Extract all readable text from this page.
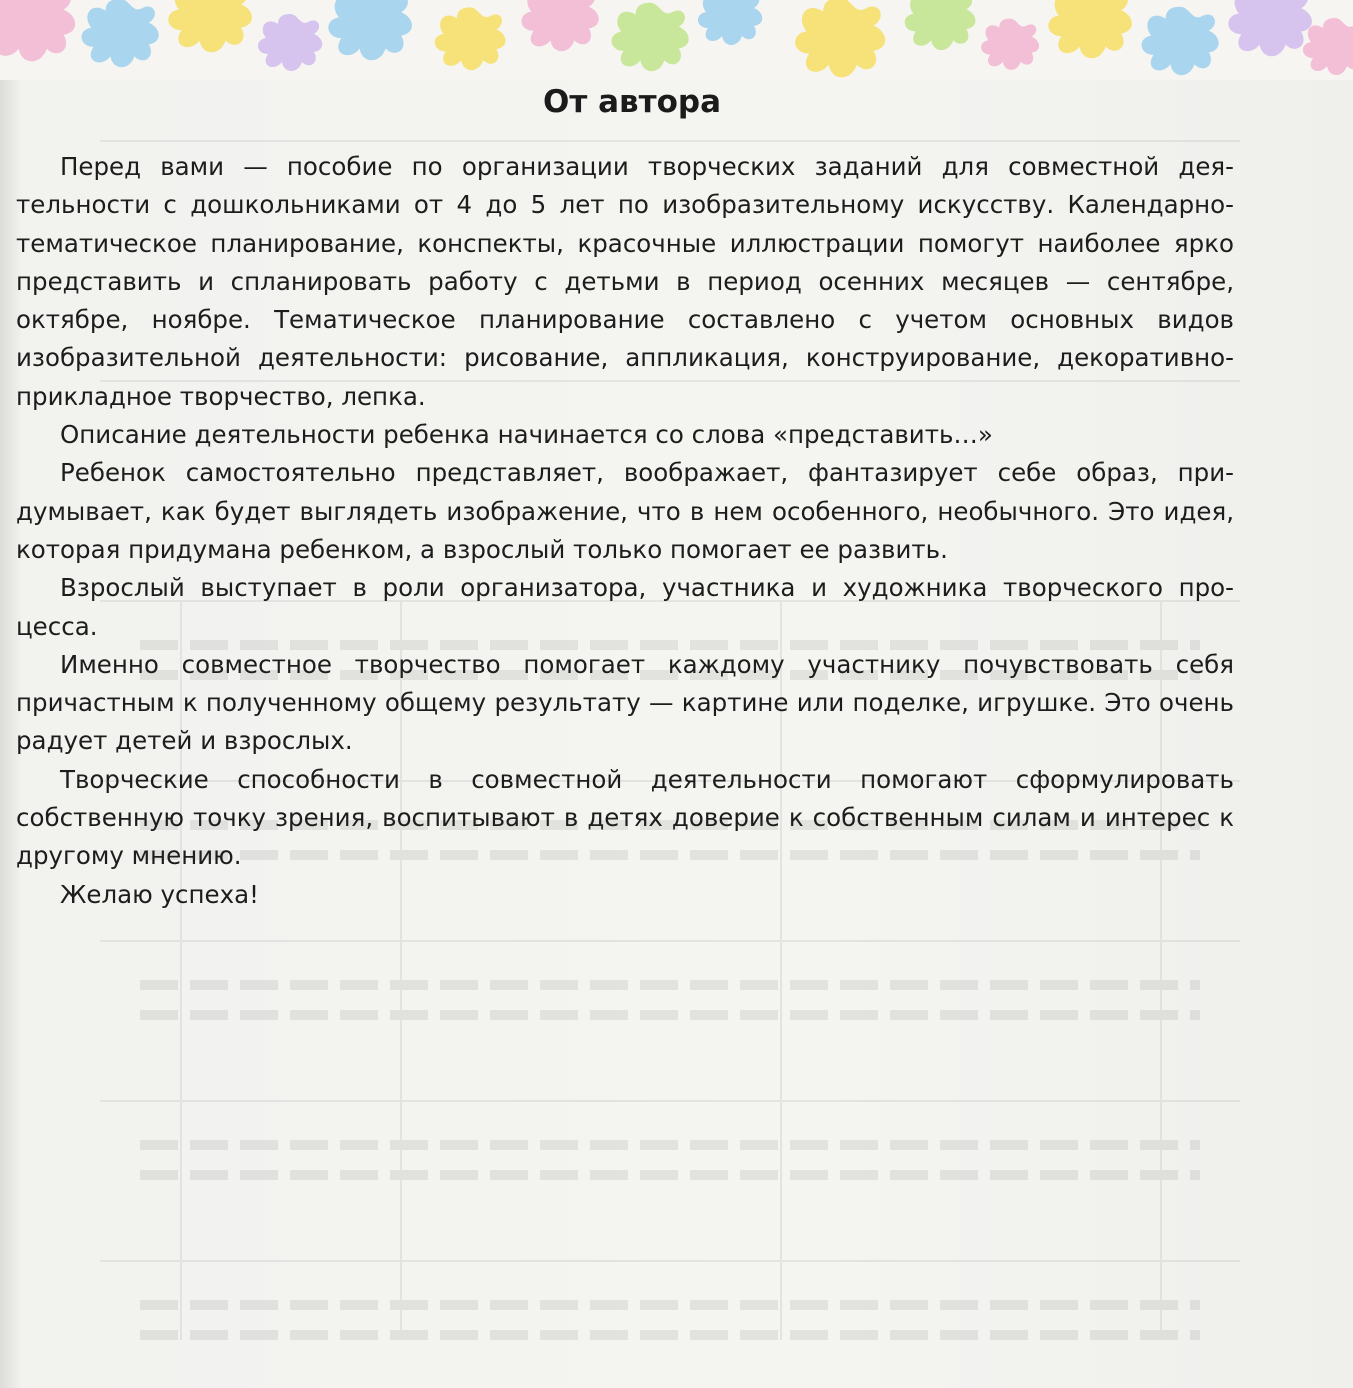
От автора

Перед вами — пособие по организации творческих заданий для совместной деятельности с дошкольниками от 4 до 5 лет по изобразительному искусству. Календарно-тематическое планирование, конспекты, красочные иллюстрации помогут наиболее ярко представить и спланировать работу с детьми в период осенних месяцев — сентябре, октябре, ноябре. Тематическое планирование составлено с учетом основных видов изобразительной деятельности: рисование, аппликация, конструирование, декоративно-прикладное творчество, лепка.

Описание деятельности ребенка начинается со слова «представить…»

Ребенок самостоятельно представляет, воображает, фантазирует себе образ, придумывает, как будет выглядеть изображение, что в нем особенного, необычного. Это идея, которая придумана ребенком, а взрослый только помогает ее развить.

Взрослый выступает в роли организатора, участника и художника творческого процесса.

Именно совместное творчество помогает каждому участнику почувствовать себя причастным к полученному общему результату — картине или поделке, игрушке. Это очень радует детей и взрослых.

Творческие способности в совместной деятельности помогают сформулировать собственную точку зрения, воспитывают в детях доверие к собственным силам и интерес к другому мнению.

Желаю успеха!
